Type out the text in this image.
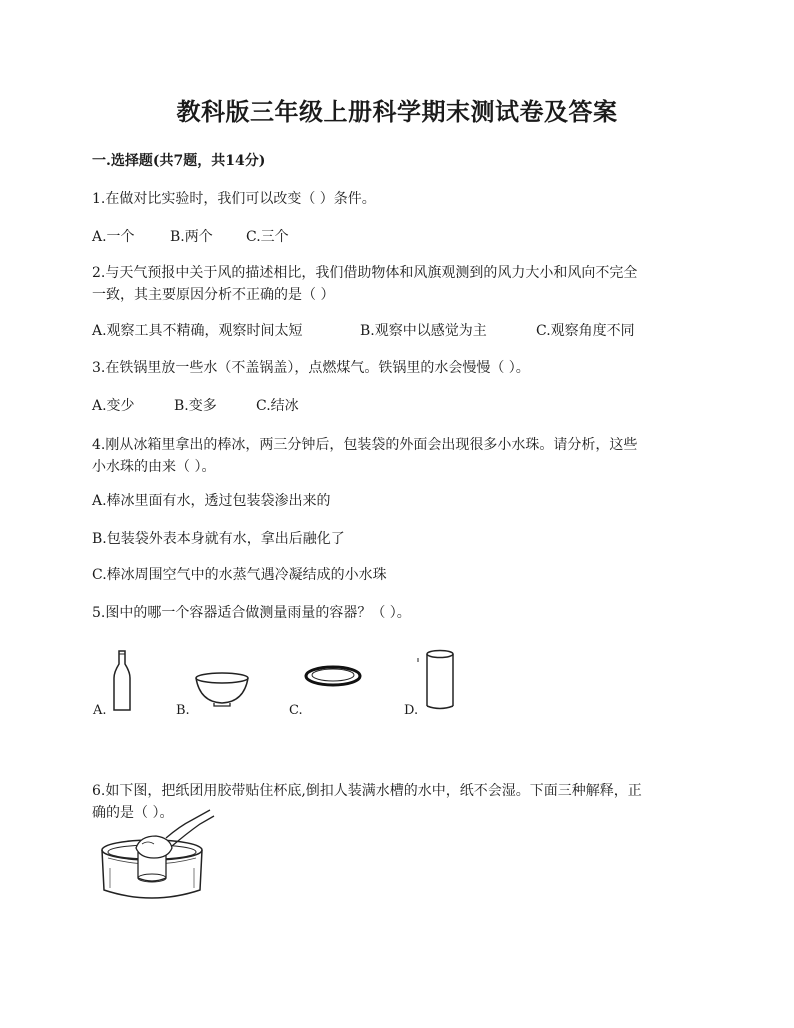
教科版三年级上册科学期末测试卷及答案
一.选择题(共7题，共14分)
1.在做对比实验时，我们可以改变（ ）条件。
A.一个	B.两个 C.三个
2.与天气预报中关于风的描述相比，我们借助物体和风旗观测到的风力大小和风向不完全
一致，其主要原因分析不正确的是（ ）
A.观察工具不精确，观察时间太短	B.观察中以感觉为主	C.观察角度不同
3.在铁锅里放一些水（不盖锅盖），点燃煤气。铁锅里的水会慢慢（ ）。
A.变少	B.变多	C.结冰
4.刚从冰箱里拿出的棒冰，两三分钟后，包装袋的外面会出现很多小水珠。请分析，这些
小水珠的由来（ ）。
A.棒冰里面有水，透过包装袋渗出来的
B.包装袋外表本身就有水，拿出后融化了
C.棒冰周围空气中的水蒸气遇冷凝结成的小水珠
5.图中的哪一个容器适合做测量雨量的容器？（ ）。
A.	B.	C.	D.
6.如下图，把纸团用胶带贴住杯底,倒扣人装满水槽的水中，纸不会湿。下面三种解释，正
确的是（ ）。
